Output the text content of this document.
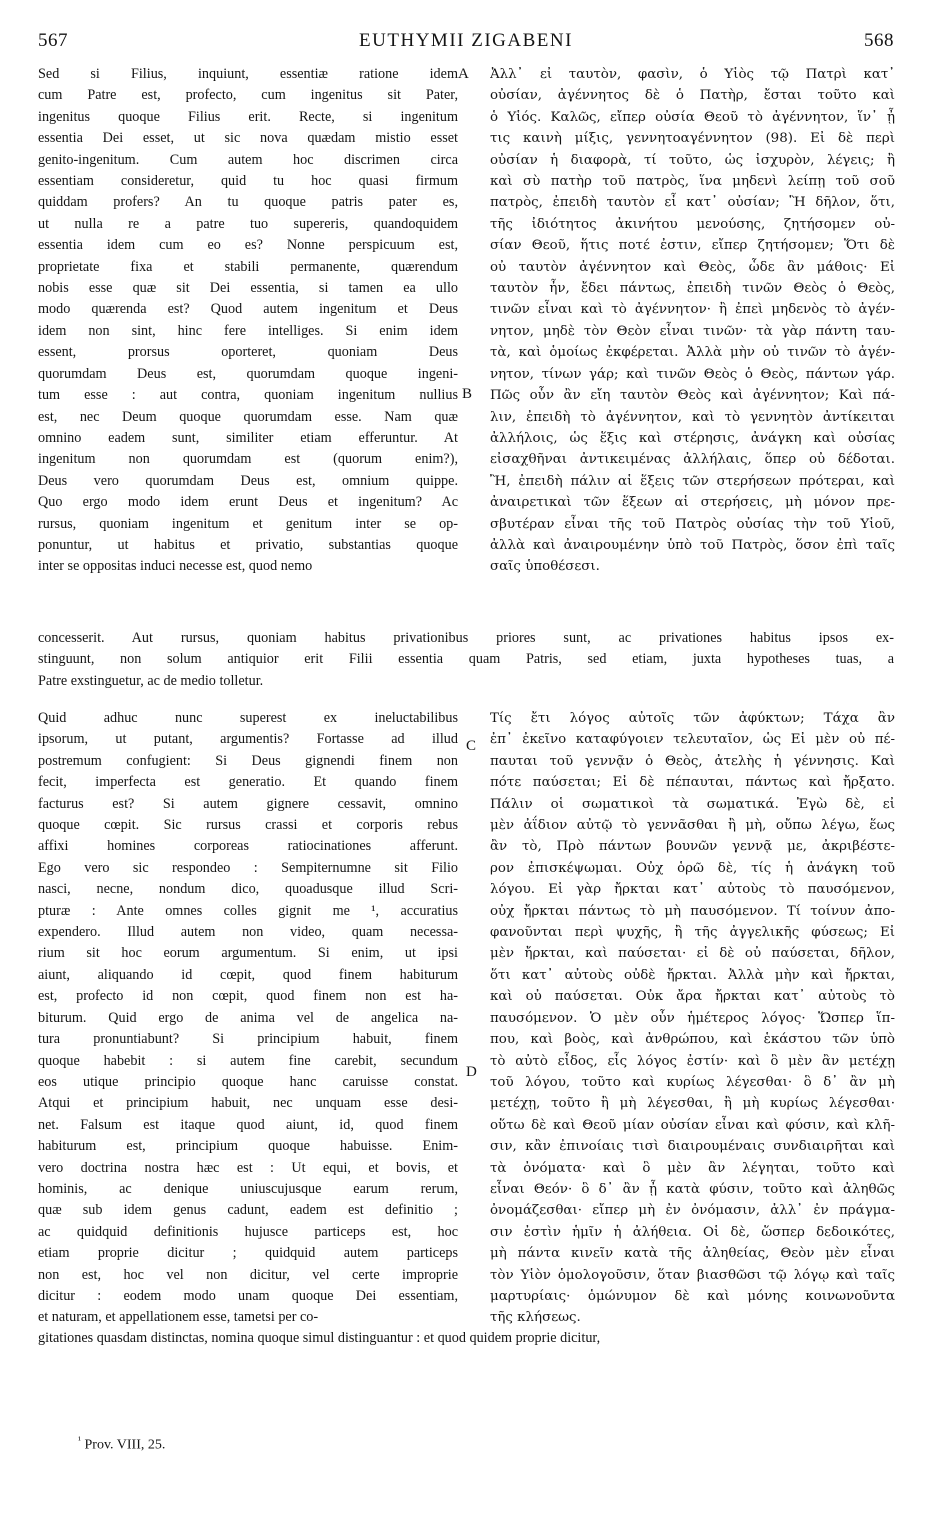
567	EUTHYMII ZIGABENI	568
Sed si Filius, inquiunt, essentiæ ratione idem
cum Patre est, profecto, cum ingenitus sit Pater,
ingenitus quoque Filius erit. Recte, si ingenitum
essentia Dei esset, ut sic nova quædam mistio esset
genito-ingenitum. Cum autem hoc discrimen circa
essentiam consideretur, quid tu hoc quasi firmum
quiddam profers? An tu quoque patris pater es,
ut nulla re a patre tuo supereris, quandoquidem
essentia idem cum eo es? Nonne perspicuum est,
proprietate fixa et stabili permanente, quærendum
nobis esse quæ sit Dei essentia, si tamen ea ullo
modo quærenda est? Quod autem ingenitum et Deus
idem non sint, hinc fere intelliges. Si enim idem
essent, prorsus oporteret, quoniam Deus
quorumdam Deus est, quorumdam quoque ingeni-
tum esse : aut contra, quoniam ingenitum nullius
est, nec Deum quoque quorumdam esse. Nam quæ
omnino eadem sunt, similiter etiam efferuntur. At
ingenitum non quorumdam est (quorum enim?),
Deus vero quorumdam Deus est, omnium quippe.
Quo ergo modo idem erunt Deus et ingenitum? Ac
rursus, quoniam ingenitum et genitum inter se op-
ponuntur, ut habitus et privatio, substantias quoque
inter se oppositas induci necesse est, quod nemo
Ἀλλ᾽ εἰ ταυτὸν, φασὶν, ὁ Υἱὸς τῷ Πατρὶ κατ᾽
οὐσίαν, ἀγέννητος δὲ ὁ Πατὴρ, ἔσται τοῦτο καὶ
ὁ Υἱός. Καλῶς, εἴπερ οὐσία Θεοῦ τὸ ἀγέννητον, ἵν᾽ ᾖ
τις καινὴ μίξις, γεννητοαγέννητον (98). Εἰ δὲ περὶ
οὐσίαν ἡ διαφορὰ, τί τοῦτο, ὡς ἰσχυρὸν, λέγεις; ἢ
καὶ σὺ πατὴρ τοῦ πατρὸς, ἵνα μηδενὶ λείπῃ τοῦ σοῦ
πατρὸς, ἐπειδὴ ταυτὸν εἶ κατ᾽ οὐσίαν; Ἢ δῆλον, ὅτι,
τῆς ἰδιότητος ἀκινήτου μενούσης, ζητήσομεν οὐ-
σίαν Θεοῦ, ἥτις ποτέ ἐστιν, εἴπερ ζητήσομεν; Ὅτι δὲ
οὐ ταυτὸν ἀγέννητον καὶ Θεὸς, ὧδε ἂν μάθοις· Εἰ
ταυτὸν ἦν, ἔδει πάντως, ἐπειδὴ τινῶν Θεὸς ὁ Θεὸς,
τινῶν εἶναι καὶ τὸ ἀγέννητον· ἢ ἐπεὶ μηδενὸς τὸ ἀγέν-
νητον, μηδὲ τὸν Θεὸν εἶναι τινῶν· τὰ γὰρ πάντη ταυ-
τὰ, καὶ ὁμοίως ἐκφέρεται. Ἀλλὰ μὴν οὐ τινῶν τὸ ἀγέν-
νητον, τίνων γάρ; καὶ τινῶν Θεὸς ὁ Θεὸς, πάντων γάρ.
Πῶς οὖν ἂν εἴη ταυτὸν Θεὸς καὶ ἀγέννητον; Καὶ πά-
λιν, ἐπειδὴ τὸ ἀγέννητον, καὶ τὸ γεννητὸν ἀντίκειται
ἀλλήλοις, ὡς ἕξις καὶ στέρησις, ἀνάγκη καὶ οὐσίας
εἰσαχθῆναι ἀντικειμένας ἀλλήλαις, ὅπερ οὐ δέδοται.
Ἢ, ἐπειδὴ πάλιν αἱ ἕξεις τῶν στερήσεων πρότεραι, καὶ
ἀναιρετικαὶ τῶν ἕξεων αἱ στερήσεις, μὴ μόνον πρε-
σβυτέραν εἶναι τῆς τοῦ Πατρὸς οὐσίας τὴν τοῦ Υἱοῦ,
ἀλλὰ καὶ ἀναιρουμένην ὑπὸ τοῦ Πατρὸς, ὅσον ἐπὶ ταῖς
σαῖς ὑποθέσεσι.
concesserit. Aut rursus, quoniam habitus privationibus priores sunt, ac privationes habitus ipsos ex-
stinguunt, non solum antiquior erit Filii essentia quam Patris, sed etiam, juxta hypotheses tuas, a
Patre exstinguetur, ac de medio tolletur.
Quid adhuc nunc superest ex ineluctabilibus
ipsorum, ut putant, argumentis? Fortasse ad illud
postremum confugient: Si Deus gignendi finem non
fecit, imperfecta est generatio. Et quando finem
facturus est? Si autem gignere cessavit, omnino
quoque cœpit. Sic rursus crassi et corporis rebus
affixi homines corporeas ratiocinationes afferunt.
Ego vero sic respondeo : Sempiternumne sit Filio
nasci, necne, nondum dico, quoadusque illud Scri-
pturæ : Ante omnes colles gignit me ¹, accuratius
expendero. Illud autem non video, quam necessa-
rium sit hoc eorum argumentum. Si enim, ut ipsi
aiunt, aliquando id cœpit, quod finem habiturum
est, profecto id non cœpit, quod finem non est ha-
biturum. Quid ergo de anima vel de angelica na-
tura pronuntiabunt? Si principium habuit, finem
quoque habebit : si autem fine carebit, secundum
eos utique principio quoque hanc caruisse constat.
Atqui et principium habuit, nec unquam esse desi-
net. Falsum est itaque quod aiunt, id, quod finem
habiturum est, principium quoque habuisse. Enim-
vero doctrina nostra hæc est : Ut equi, et bovis, et
hominis, ac denique uniuscujusque earum rerum,
quæ sub idem genus cadunt, eadem est definitio ;
ac quidquid definitionis hujusce particeps est, hoc
etiam proprie dicitur ; quidquid autem particeps
non est, hoc vel non dicitur, vel certe improprie
dicitur : eodem modo unam quoque Dei essentiam,
et naturam, et appellationem esse, tametsi per co-
Τίς ἔτι λόγος αὐτοῖς τῶν ἀφύκτων; Τάχα ἂν
ἐπ᾽ ἐκεῖνο καταφύγοιεν τελευταῖον, ὡς Εἰ μὲν οὐ πέ-
παυται τοῦ γεννᾷν ὁ Θεὸς, ἀτελὴς ἡ γέννησις. Καὶ
πότε παύσεται; Εἰ δὲ πέπαυται, πάντως καὶ ἤρξατο.
Πάλιν οἱ σωματικοὶ τὰ σωματικά. Ἐγὼ δὲ, εἰ
μὲν ἀΐδιον αὐτῷ τὸ γεννᾶσθαι ἢ μὴ, οὔπω λέγω, ἕως
ἂν τὸ, Πρὸ πάντων βουνῶν γεννᾷ με, ἀκριβέστε-
ρον ἐπισκέψωμαι. Οὐχ ὁρῶ δὲ, τίς ἡ ἀνάγκη τοῦ
λόγου. Εἰ γὰρ ἤρκται κατ᾽ αὐτοὺς τὸ παυσόμενον,
οὐχ ἤρκται πάντως τὸ μὴ παυσόμενον. Τί τοίνυν ἀπο-
φανοῦνται περὶ ψυχῆς, ἢ τῆς ἀγγελικῆς φύσεως; Εἰ
μὲν ἤρκται, καὶ παύσεται· εἰ δὲ οὐ παύσεται, δῆλον,
ὅτι κατ᾽ αὐτοὺς οὐδὲ ἤρκται. Ἀλλὰ μὴν καὶ ἤρκται,
καὶ οὐ παύσεται. Οὐκ ἄρα ἤρκται κατ᾽ αὐτοὺς τὸ
παυσόμενον. Ὁ μὲν οὖν ἡμέτερος λόγος· Ὥσπερ ἵπ-
που, καὶ βοὸς, καὶ ἀνθρώπου, καὶ ἑκάστου τῶν ὑπὸ
τὸ αὐτὸ εἶδος, εἷς λόγος ἐστίν· καὶ ὃ μὲν ἂν μετέχῃ
τοῦ λόγου, τοῦτο καὶ κυρίως λέγεσθαι· ὃ δ᾽ ἂν μὴ
μετέχῃ, τοῦτο ἢ μὴ λέγεσθαι, ἢ μὴ κυρίως λέγεσθαι·
οὕτω δὲ καὶ Θεοῦ μίαν οὐσίαν εἶναι καὶ φύσιν, καὶ κλῆ-
σιν, κἂν ἐπινοίαις τισὶ διαιρουμέναις συνδιαιρῆται καὶ
τὰ ὀνόματα· καὶ ὃ μὲν ἂν λέγηται, τοῦτο καὶ
εἶναι Θεόν· ὃ δ᾽ ἂν ᾖ κατὰ φύσιν, τοῦτο καὶ ἀληθῶς
ὀνομάζεσθαι· εἴπερ μὴ ἐν ὀνόμασιν, ἀλλ᾽ ἐν πράγμα-
σιν ἐστὶν ἡμῖν ἡ ἀλήθεια. Οἱ δὲ, ὥσπερ δεδοικότες,
μὴ πάντα κινεῖν κατὰ τῆς ἀληθείας, Θεὸν μὲν εἶναι
τὸν Υἱὸν ὁμολογοῦσιν, ὅταν βιασθῶσι τῷ λόγῳ καὶ ταῖς
μαρτυρίαις· ὁμώνυμον δὲ καὶ μόνης κοινωνοῦντα
τῆς κλήσεως.
gitationes quasdam distinctas, nomina quoque simul distinguantur : et quod quidem proprie dicitur,
A
B
C
D
$^{^1}$ Prov. VIII, 25.
